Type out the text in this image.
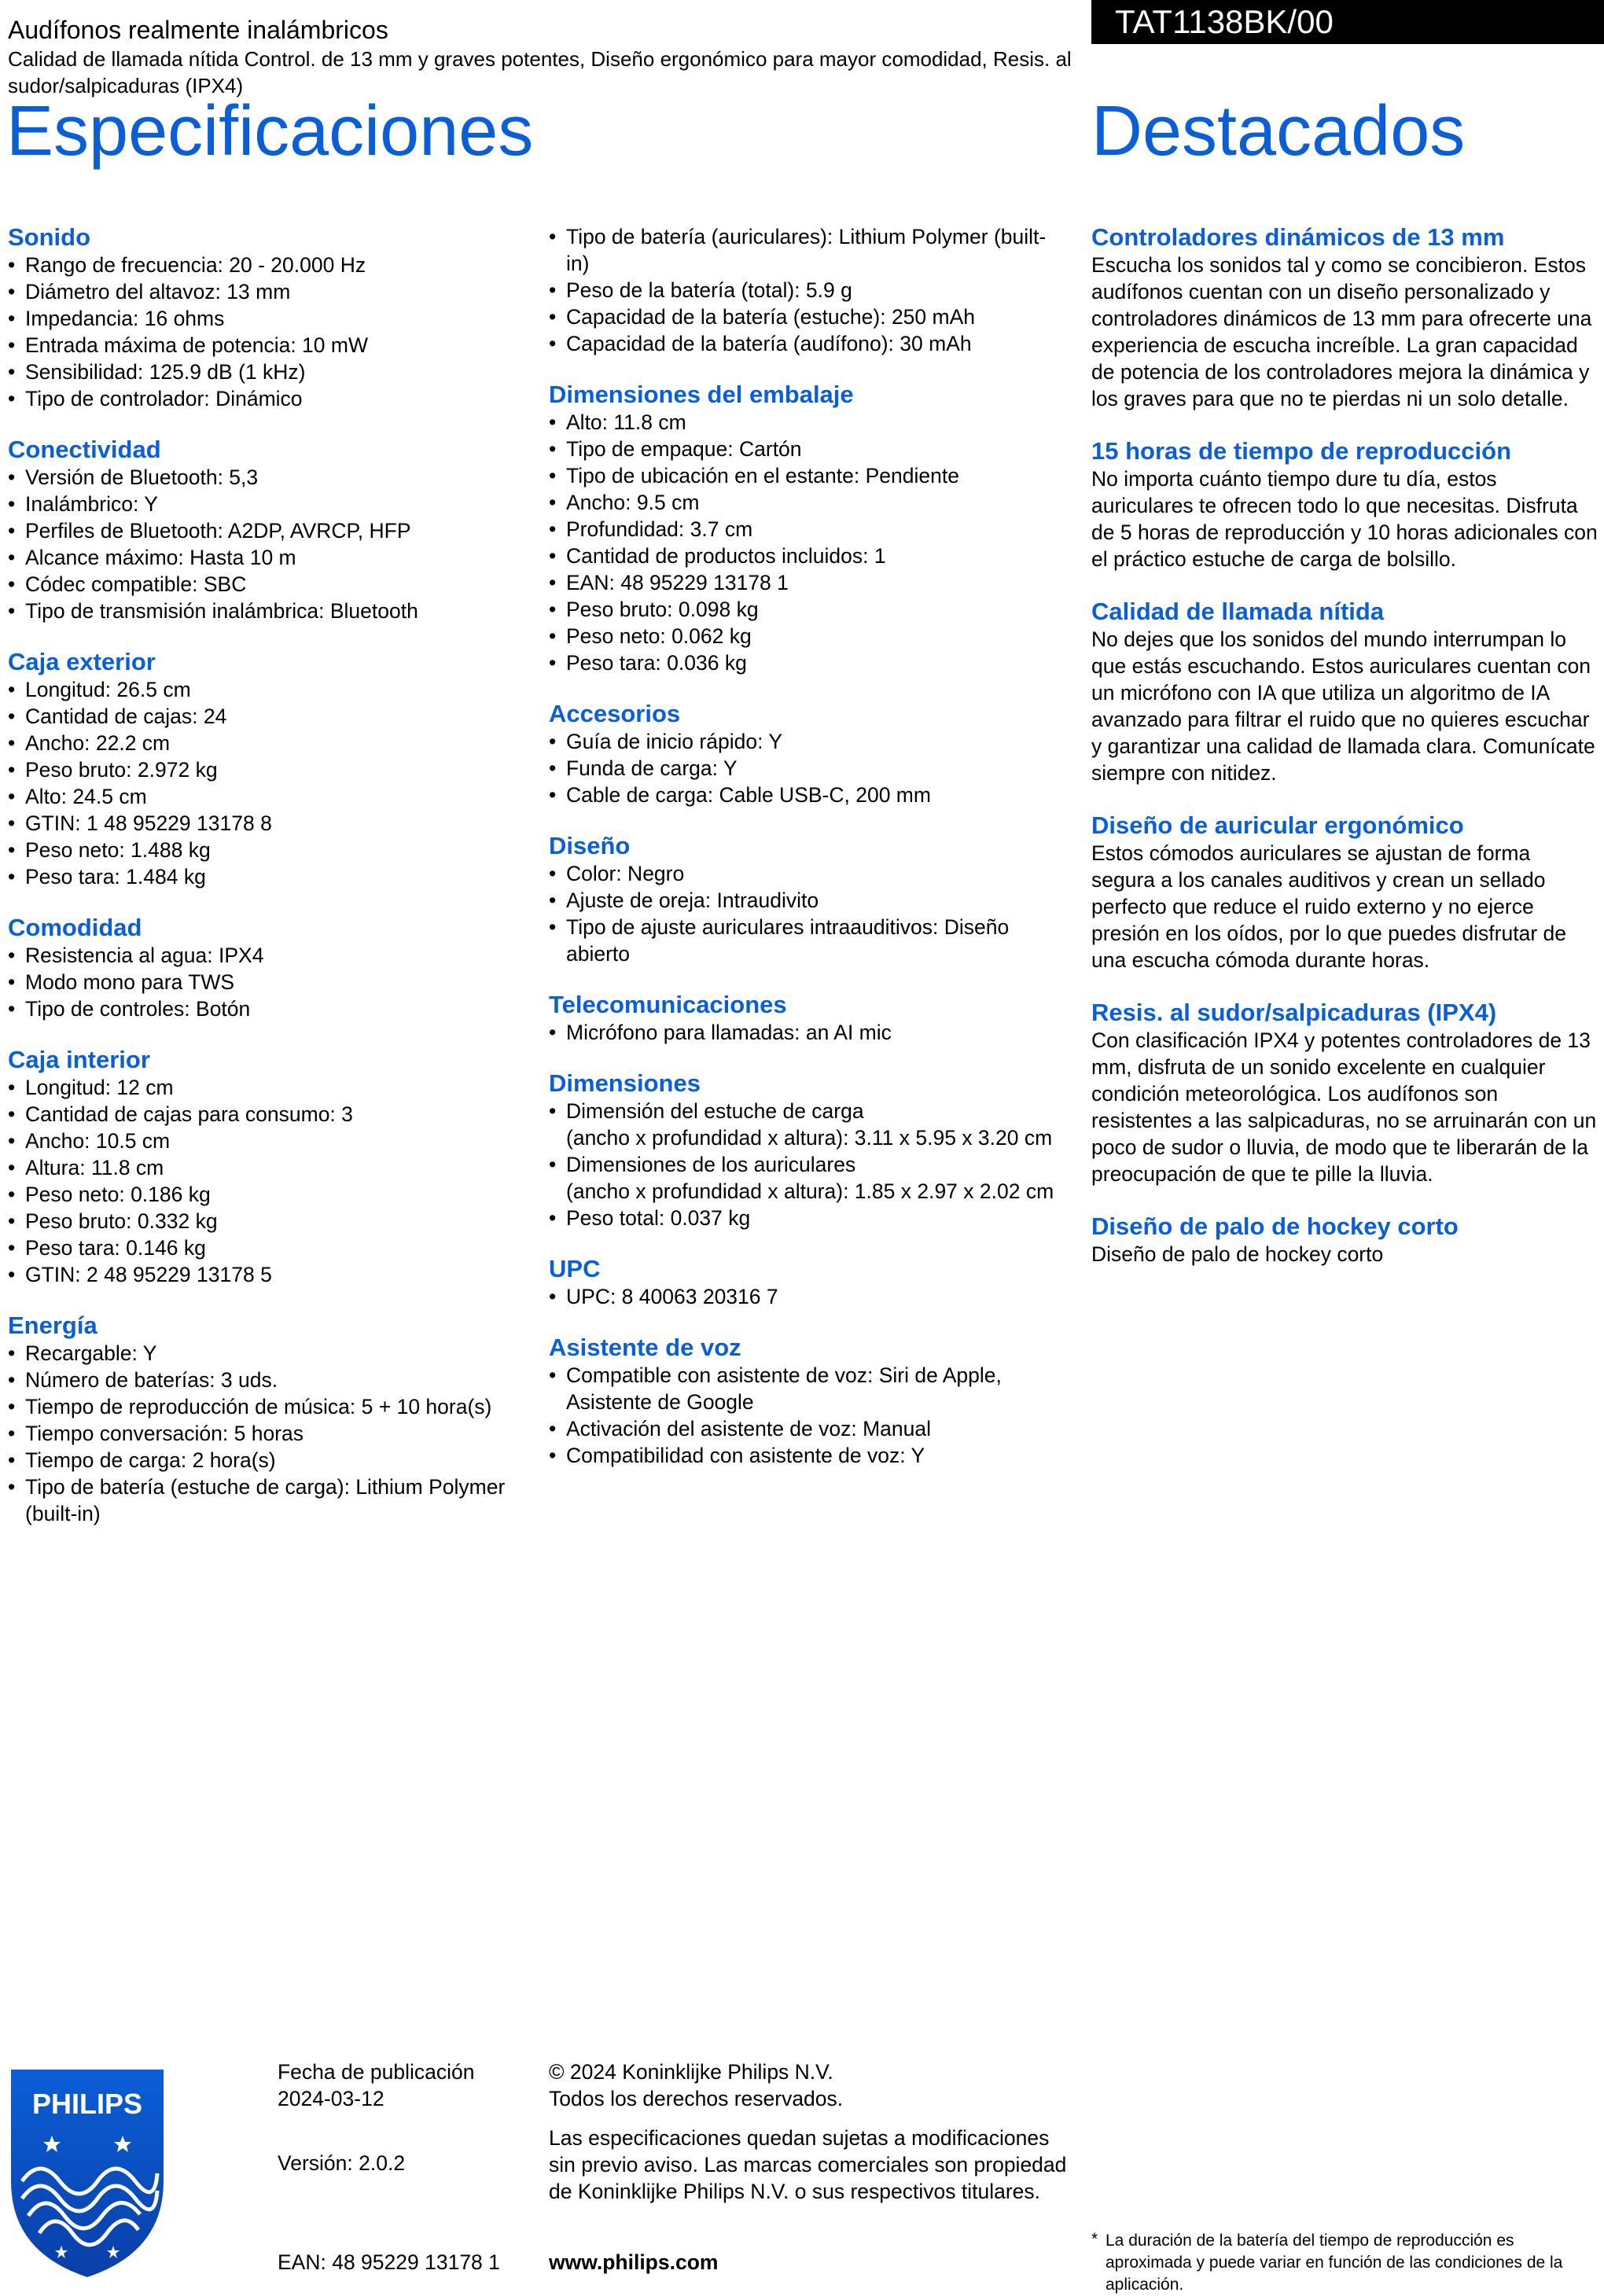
Audífonos realmente inalámbricos
Calidad de llamada nítida Control. de 13 mm y graves potentes, Diseño ergonómico para mayor comodidad, Resis. al sudor/salpicaduras (IPX4)
TAT1138BK/00
Especificaciones	Destacados
Sonido
• Rango de frecuencia: 20 - 20.000 Hz
• Diámetro del altavoz: 13 mm
• Impedancia: 16 ohms
• Entrada máxima de potencia: 10 mW
• Sensibilidad: 125.9 dB (1 kHz)
• Tipo de controlador: Dinámico
Conectividad
• Versión de Bluetooth: 5,3
• Inalámbrico: Y
• Perfiles de Bluetooth: A2DP, AVRCP, HFP
• Alcance máximo: Hasta 10 m
• Códec compatible: SBC
• Tipo de transmisión inalámbrica: Bluetooth
Caja exterior
• Longitud: 26.5 cm
• Cantidad de cajas: 24
• Ancho: 22.2 cm
• Peso bruto: 2.972 kg
• Alto: 24.5 cm
• GTIN: 1 48 95229 13178 8
• Peso neto: 1.488 kg
• Peso tara: 1.484 kg
Comodidad
• Resistencia al agua: IPX4
• Modo mono para TWS
• Tipo de controles: Botón
Caja interior
• Longitud: 12 cm
• Cantidad de cajas para consumo: 3
• Ancho: 10.5 cm
• Altura: 11.8 cm
• Peso neto: 0.186 kg
• Peso bruto: 0.332 kg
• Peso tara: 0.146 kg
• GTIN: 2 48 95229 13178 5
Energía
• Recargable: Y
• Número de baterías: 3 uds.
• Tiempo de reproducción de música: 5 + 10 hora(s)
• Tiempo conversación: 5 horas
• Tiempo de carga: 2 hora(s)
• Tipo de batería (estuche de carga): Lithium Polymer (built-in)
• Tipo de batería (auriculares): Lithium Polymer (built-in)
• Peso de la batería (total): 5.9 g
• Capacidad de la batería (estuche): 250 mAh
• Capacidad de la batería (audífono): 30 mAh
Dimensiones del embalaje
• Alto: 11.8 cm
• Tipo de empaque: Cartón
• Tipo de ubicación en el estante: Pendiente
• Ancho: 9.5 cm
• Profundidad: 3.7 cm
• Cantidad de productos incluidos: 1
• EAN: 48 95229 13178 1
• Peso bruto: 0.098 kg
• Peso neto: 0.062 kg
• Peso tara: 0.036 kg
Accesorios
• Guía de inicio rápido: Y
• Funda de carga: Y
• Cable de carga: Cable USB-C, 200 mm
Diseño
• Color: Negro
• Ajuste de oreja: Intraudivito
• Tipo de ajuste auriculares intraauditivos: Diseño abierto
Telecomunicaciones
• Micrófono para llamadas: an AI mic
Dimensiones
• Dimensión del estuche de carga
(ancho x profundidad x altura): 3.11 x 5.95 x 3.20 cm
• Dimensiones de los auriculares
(ancho x profundidad x altura): 1.85 x 2.97 x 2.02 cm
• Peso total: 0.037 kg
UPC
• UPC: 8 40063 20316 7
Asistente de voz
• Compatible con asistente de voz: Siri de Apple, Asistente de Google
• Activación del asistente de voz: Manual
• Compatibilidad con asistente de voz: Y
Controladores dinámicos de 13 mm
Escucha los sonidos tal y como se concibieron. Estos audífonos cuentan con un diseño personalizado y controladores dinámicos de 13 mm para ofrecerte una experiencia de escucha increíble. La gran capacidad de potencia de los controladores mejora la dinámica y los graves para que no te pierdas ni un solo detalle.
15 horas de tiempo de reproducción
No importa cuánto tiempo dure tu día, estos auriculares te ofrecen todo lo que necesitas. Disfruta de 5 horas de reproducción y 10 horas adicionales con el práctico estuche de carga de bolsillo.
Calidad de llamada nítida
No dejes que los sonidos del mundo interrumpan lo que estás escuchando. Estos auriculares cuentan con un micrófono con IA que utiliza un algoritmo de IA avanzado para filtrar el ruido que no quieres escuchar y garantizar una calidad de llamada clara. Comunícate siempre con nitidez.
Diseño de auricular ergonómico
Estos cómodos auriculares se ajustan de forma segura a los canales auditivos y crean un sellado perfecto que reduce el ruido externo y no ejerce presión en los oídos, por lo que puedes disfrutar de una escucha cómoda durante horas.
Resis. al sudor/salpicaduras (IPX4)
Con clasificación IPX4 y potentes controladores de 13 mm, disfruta de un sonido excelente en cualquier condición meteorológica. Los audífonos son resistentes a las salpicaduras, no se arruinarán con un poco de sudor o lluvia, de modo que te liberarán de la preocupación de que te pille la lluvia.
Diseño de palo de hockey corto
Diseño de palo de hockey corto
PHILIPS
Fecha de publicación
2024-03-12
Versión: 2.0.2
EAN: 48 95229 13178 1
© 2024 Koninklijke Philips N.V.
Todos los derechos reservados.
Las especificaciones quedan sujetas a modificaciones sin previo aviso. Las marcas comerciales son propiedad de Koninklijke Philips N.V. o sus respectivos titulares.
www.philips.com
* La duración de la batería del tiempo de reproducción es aproximada y puede variar en función de las condiciones de la aplicación.
